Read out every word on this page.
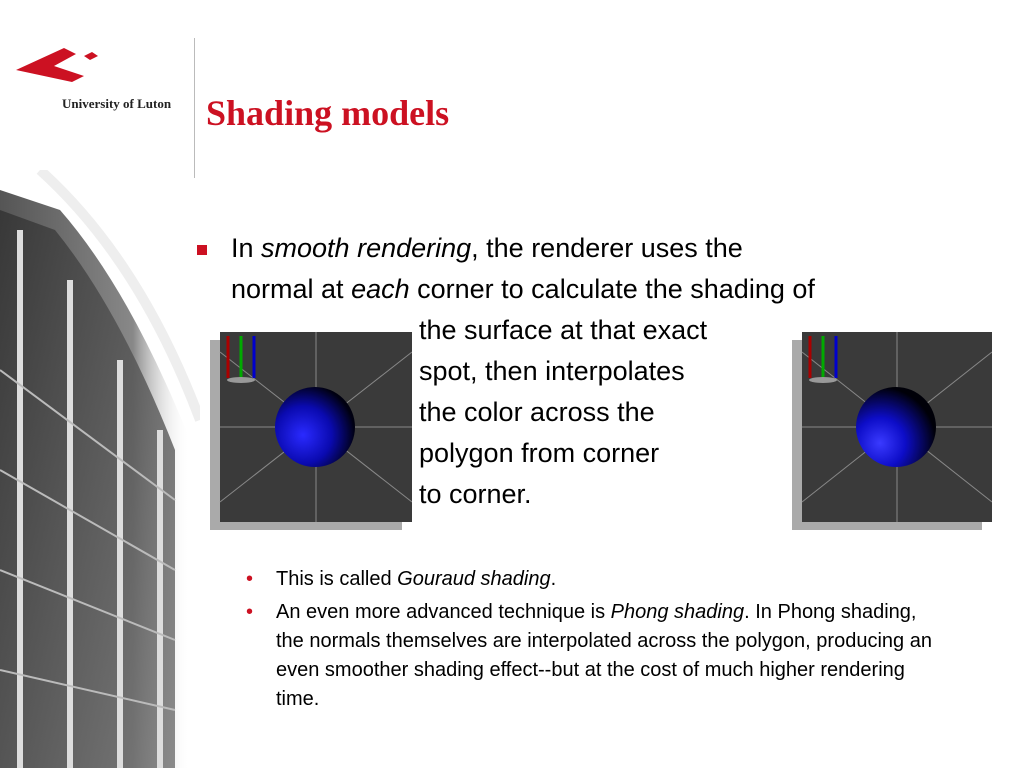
University of Luton Shading models
In smooth rendering, the renderer uses the
normal at each corner to calculate the shading of
the surface at that exact
spot, then interpolates
the color across the
polygon from corner
to corner.
• This is called Gouraud shading.
• An even more advanced technique is Phong shading. In Phong shading, the normals themselves are interpolated across the polygon, producing an even smoother shading effect--but at the cost of much higher rendering time.
